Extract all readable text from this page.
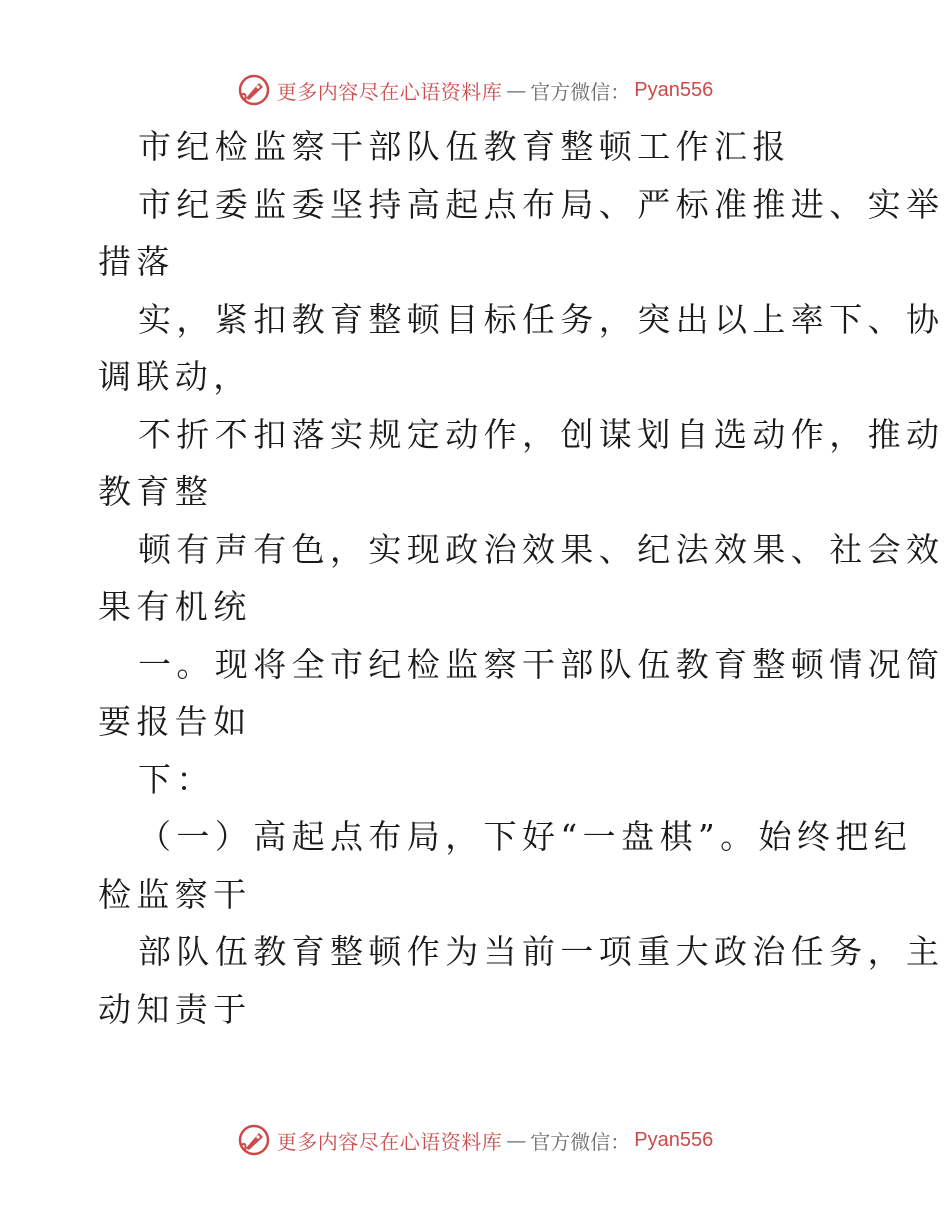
更多内容尽在心语资料库 — 官方微信： Pyan556
市纪检监察干部队伍教育整顿工作汇报
市纪委监委坚持高起点布局、严标准推进、实举
措落
实，紧扣教育整顿目标任务，突出以上率下、协
调联动，
不折不扣落实规定动作，创谋划自选动作，推动
教育整
顿有声有色，实现政治效果、纪法效果、社会效
果有机统
一。现将全市纪检监察干部队伍教育整顿情况简
要报告如
下：
（一）高起点布局，下好“一盘棋”。始终把纪
检监察干
部队伍教育整顿作为当前一项重大政治任务，主
动知责于
更多内容尽在心语资料库 — 官方微信： Pyan556
